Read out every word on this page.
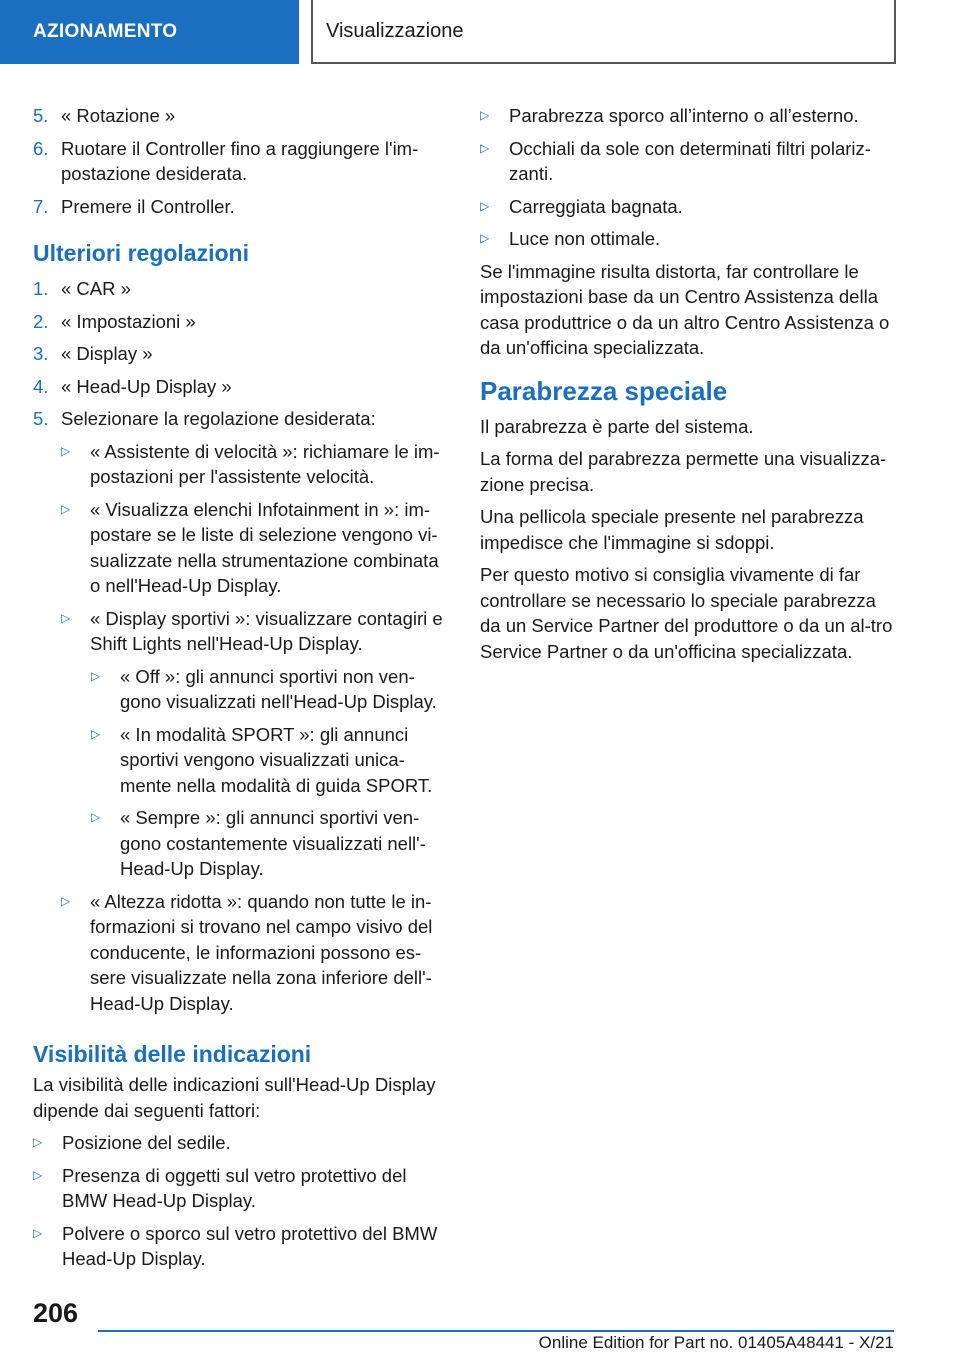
AZIONAMENTO	Visualizzazione
5. « Rotazione »
6. Ruotare il Controller fino a raggiungere l'im-postazione desiderata.
7. Premere il Controller.
Ulteriori regolazioni
1. « CAR »
2. « Impostazioni »
3. « Display »
4. « Head-Up Display »
5. Selezionare la regolazione desiderata:
▷	« Assistente di velocità »: richiamare le im-postazioni per l'assistente velocità.
▷	« Visualizza elenchi Infotainment in »: im-postare se le liste di selezione vengono vi-sualizzate nella strumentazione combinata o nell'Head-Up Display.
▷	« Display sportivi »: visualizzare contagiri e Shift Lights nell'Head-Up Display.
▷	« Off »: gli annunci sportivi non ven-gono visualizzati nell'Head-Up Display.
▷	« In modalità SPORT »: gli annunci sportivi vengono visualizzati unica-mente nella modalità di guida SPORT.
▷	« Sempre »: gli annunci sportivi ven-gono costantemente visualizzati nell'-Head-Up Display.
▷	« Altezza ridotta »: quando non tutte le in-formazioni si trovano nel campo visivo del conducente, le informazioni possono es-sere visualizzate nella zona inferiore dell'-Head-Up Display.
Visibilità delle indicazioni
La visibilità delle indicazioni sull'Head-Up Display dipende dai seguenti fattori:
▷	Posizione del sedile.
▷	Presenza di oggetti sul vetro protettivo del BMW Head-Up Display.
▷	Polvere o sporco sul vetro protettivo del BMW Head-Up Display.
▷	Parabrezza sporco all’interno o all’esterno.
▷	Occhiali da sole con determinati filtri polariz-zanti.
▷	Carreggiata bagnata.
▷	Luce non ottimale.
Se l'immagine risulta distorta, far controllare le impostazioni base da un Centro Assistenza della casa produttrice o da un altro Centro Assistenza o da un'officina specializzata.
Parabrezza speciale
Il parabrezza è parte del sistema.
La forma del parabrezza permette una visualizza-zione precisa.
Una pellicola speciale presente nel parabrezza impedisce che l'immagine si sdoppi.
Per questo motivo si consiglia vivamente di far controllare se necessario lo speciale parabrezza da un Service Partner del produttore o da un al-tro Service Partner o da un'officina specializzata.
206
Online Edition for Part no. 01405A48441 - X/21
